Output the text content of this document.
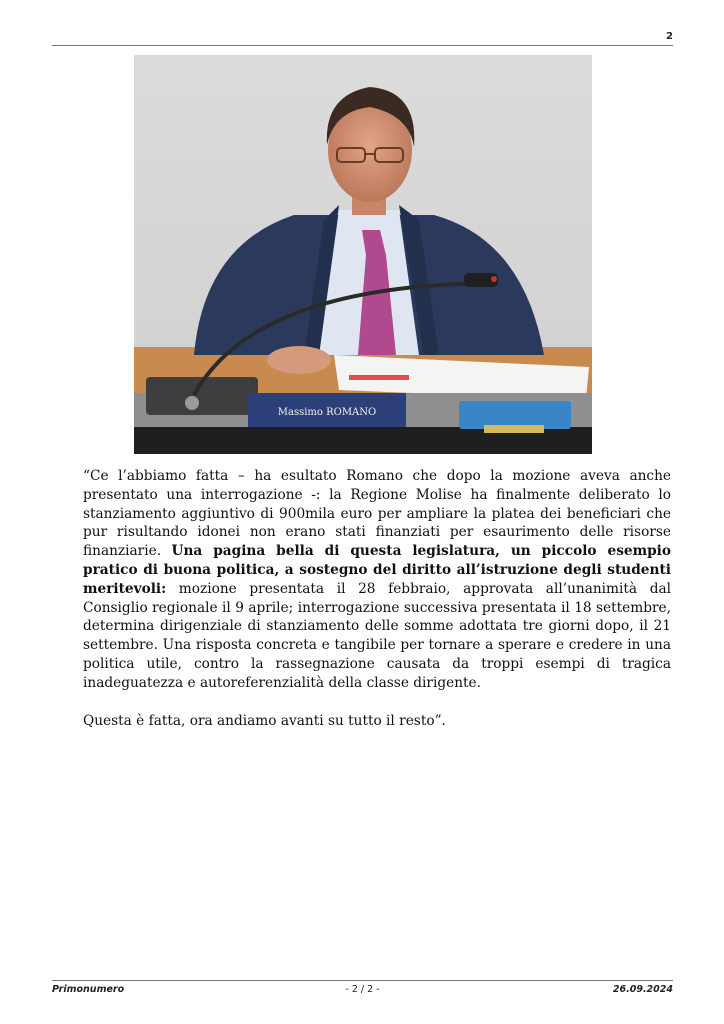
2
Massimo ROMANO

“Ce l’abbiamo fatta – ha esultato Romano che dopo la mozione aveva anche presentato una interrogazione -: la Regione Molise ha finalmente deliberato lo stanziamento aggiuntivo di 900mila euro per ampliare la platea dei beneficiari che pur risultando idonei non erano stati finanziati per esaurimento delle risorse finanziarie. Una pagina bella di questa legislatura, un piccolo esempio pratico di buona politica, a sostegno del diritto all’istruzione degli studenti meritevoli: mozione presentata il 28 febbraio, approvata all’unanimità dal Consiglio regionale il 9 aprile; interrogazione successiva presentata il 18 settembre, determina dirigenziale di stanziamento delle somme adottata tre giorni dopo, il 21 settembre. Una risposta concreta e tangibile per tornare a sperare e credere in una politica utile, contro la rassegnazione causata da troppi esempi di tragica inadeguatezza e autoreferenzialità della classe dirigente.

Questa è fatta, ora andiamo avanti su tutto il resto”.

Primonumero	- 2 / 2 -	26.09.2024
